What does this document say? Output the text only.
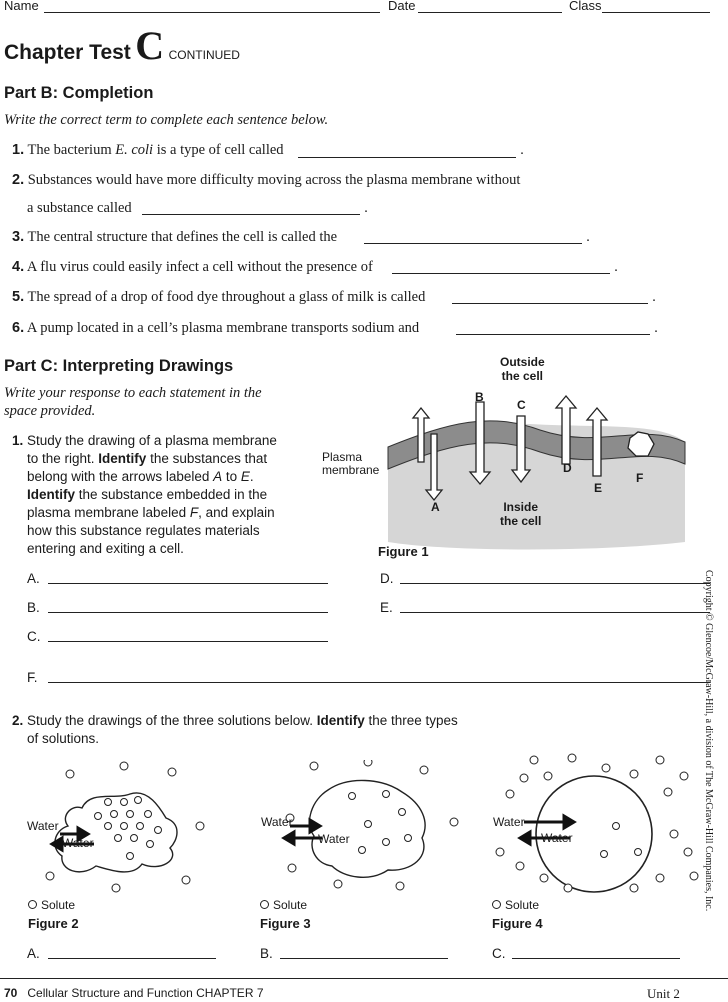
Name	Date	Class
Chapter Test C CONTINUED
Part B: Completion
Write the correct term to complete each sentence below.
1. The bacterium E. coli is a type of cell called	.
2. Substances would have more difficulty moving across the plasma membrane without
a substance called	.
3. The central structure that defines the cell is called the	.
4. A flu virus could easily infect a cell without the presence of	.
5. The spread of a drop of food dye throughout a glass of milk is called	.
6. A pump located in a cell’s plasma membrane transports sodium and	.
Part C: Interpreting Drawings
Write your response to each statement in the
space provided.
1. Study the drawing of a plasma membrane
to the right. Identify the substances that
belong with the arrows labeled A to E.
Identify the substance embedded in the
plasma membrane labeled F, and explain
how this substance regulates materials
entering and exiting a cell.
Outside
the cell
Plasma
membrane
Inside
the cell
A
B
C
D
E
F
Figure 1
A.	D.
B.	E.
C.
F.
2. Study the drawings of the three solutions below. Identify the three types
of solutions.
Water
Water
Water
Water
Water
Water
Solute	Solute	Solute
Figure 2	Figure 3	Figure 4
A.	B.	C.
70 Cellular Structure and Function CHAPTER 7	Unit 2
Copyright © Glencoe/McGraw-Hill, a division of The McGraw-Hill Companies, Inc.
